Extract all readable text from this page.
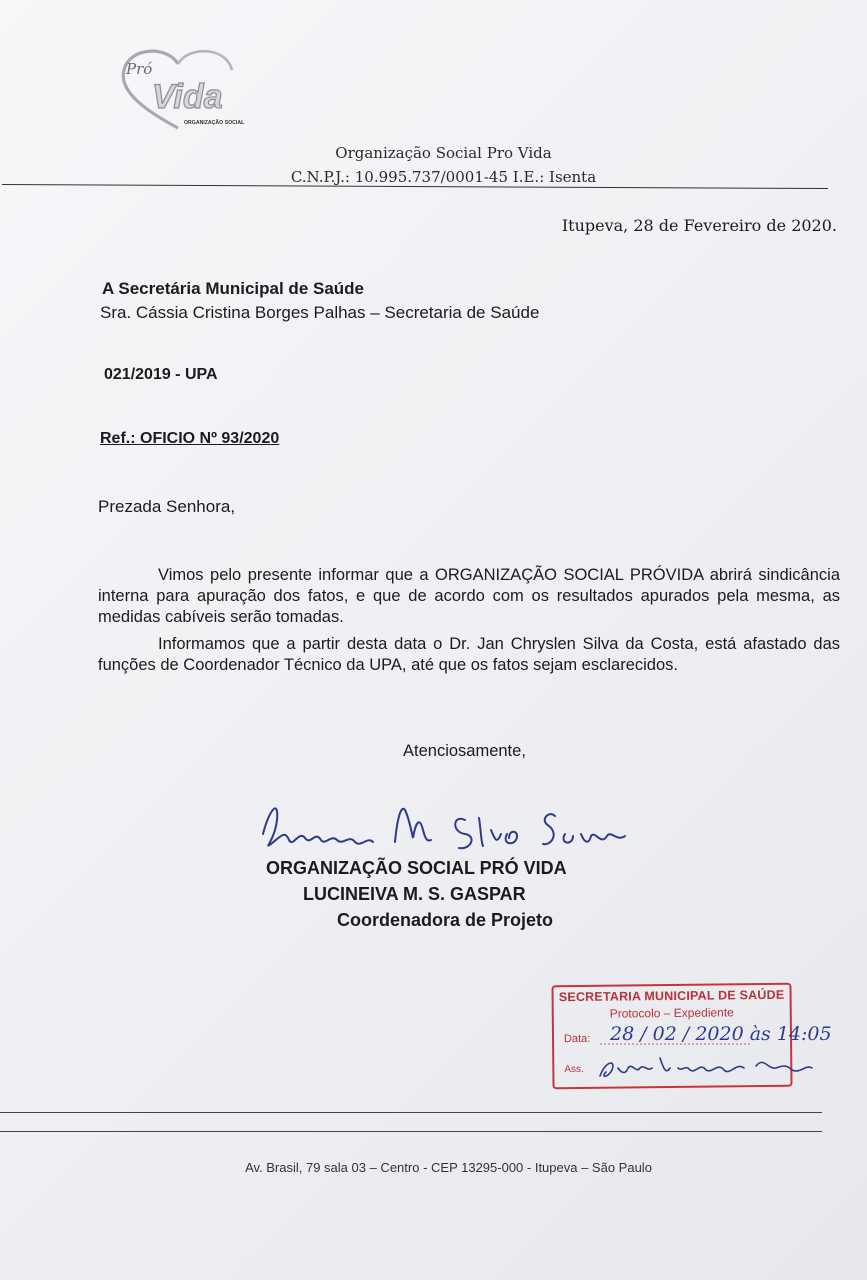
Pró
Vida
ORGANIZAÇÃO SOCIAL
Organização Social Pro Vida
C.N.P.J.: 10.995.737/0001-45 I.E.: Isenta
Itupeva, 28 de Fevereiro de 2020.
A Secretária Municipal de Saúde
Sra. Cássia Cristina Borges Palhas – Secretaria de Saúde
021/2019 - UPA
Ref.: OFICIO Nº 93/2020
Prezada Senhora,
Vimos pelo presente informar que a ORGANIZAÇÃO SOCIAL PRÓVIDA abrirá sindicância interna para apuração dos fatos, e que de acordo com os resultados apurados pela mesma, as medidas cabíveis serão tomadas.
Informamos que a partir desta data o Dr. Jan Chryslen Silva da Costa, está afastado das funções de Coordenador Técnico da UPA, até que os fatos sejam esclarecidos.
Atenciosamente,
ORGANIZAÇÃO SOCIAL PRÓ VIDA
LUCINEIVA M. S. GASPAR
Coordenadora de Projeto
SECRETARIA MUNICIPAL DE SAÚDE
Protocolo – Expediente
Data:
Ass.
28 / 02 / 2020 às 14:05
Av. Brasil, 79 sala 03 – Centro - CEP 13295-000 - Itupeva – São Paulo
